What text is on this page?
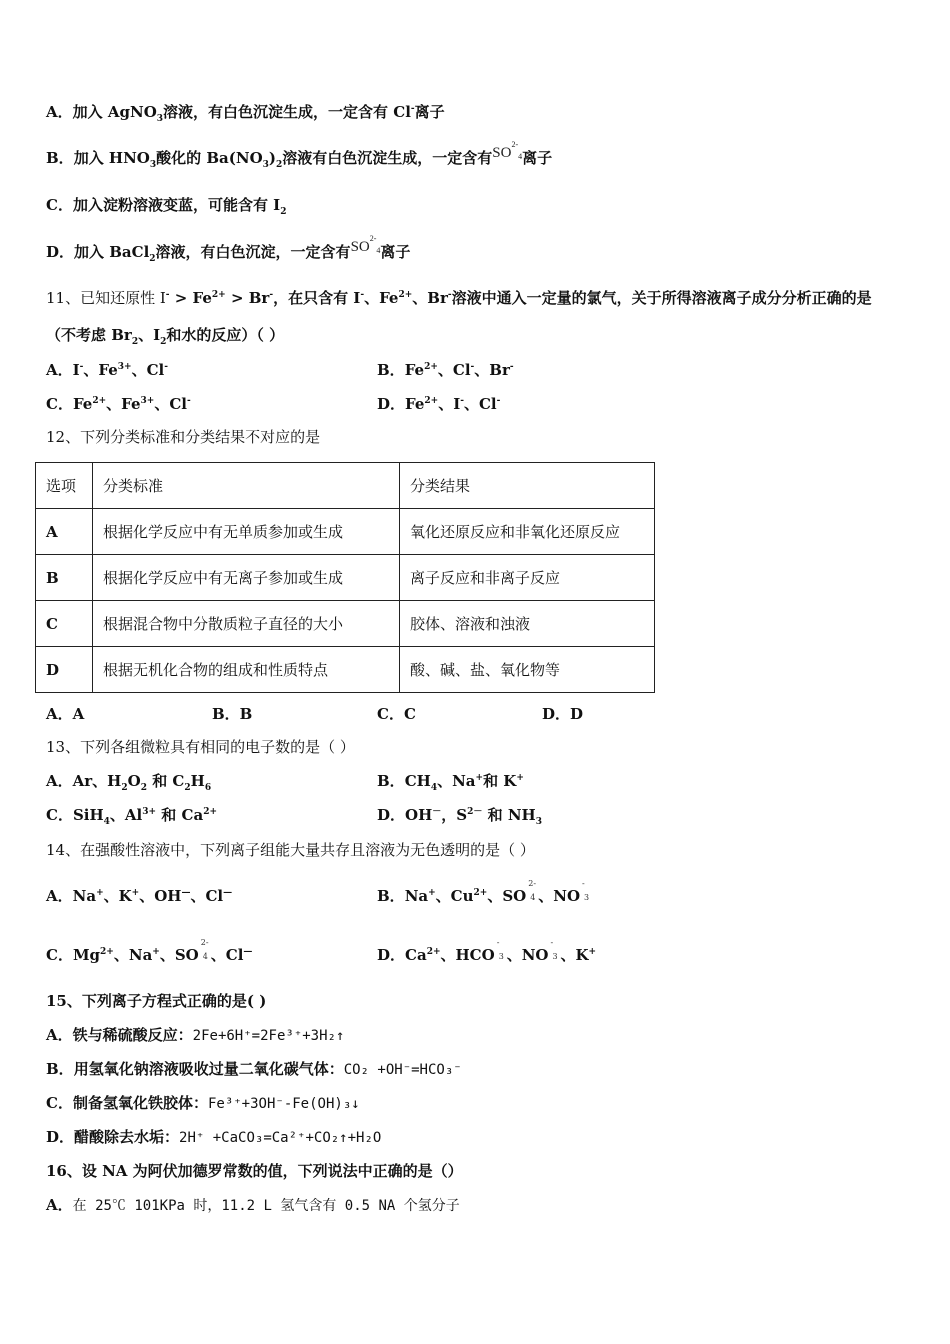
A．加入 AgNO$_3$溶液，有白色沉淀生成，一定含有 Cl-离子
B．加入 $HNO_3$酸化的 $Ba(NO_3)_2$溶液有白色沉淀生成，一定含有$SO^{2-}_4$离子
C．加入淀粉溶液变蓝，可能含有 $I_2$
D．加入 BaCl$_2$溶液，有白色沉淀，一定含有$SO^{2-}_4$离子
11、已知还原性 $I^- > Fe^{2+} > Br^-$，在只含有 I-、$Fe^{2+}$、Br-溶液中通入一定量的氯气，关于所得溶液离子成分分析正确的是
（不考虑 $Br_2$、$I_2$和水的反应）（ ）
A．I-、$Fe^{3+}$、Cl-	B．$Fe^{2+}$、Cl-、Br-
C．$Fe^{2+}$、$Fe^{3+}$、Cl-	D．$Fe^{2+}$、I-、Cl-
12、下列分类标准和分类结果不对应的是
选项	分类标准	分类结果
A	根据化学反应中有无单质参加或生成	氧化还原反应和非氧化还原反应
B	根据化学反应中有无离子参加或生成	离子反应和非离子反应
C	根据混合物中分散质粒子直径的大小	胶体、溶液和浊液
D	根据无机化合物的组成和性质特点	酸、碱、盐、氧化物等
A．A	B．B	C．C	D．D
13、下列各组微粒具有相同的电子数的是（ ）
A．Ar、$H_2O_2$ 和 $C_2H_6$	B．$CH_4$、Na+和 K+
C．SiH$_4$、$Al^{3+}$ 和 $Ca^{2+}$	D．OH－，$S^{2-}$ 和 $NH_3$
14、在强酸性溶液中，下列离子组能大量共存且溶液为无色透明的是（ ）
A．Na+、K+、OH—、Cl—	B．Na+、$Cu^{2+}$、SO
2-
4 、NO
-
3
C．$Mg^{2+}$、Na+、SO
2-
4 、Cl—	D．$Ca^{2+}$、HCO
-
3 、NO
-
3 、K+
15、下列离子方程式正确的是( )
A．铁与稀硫酸反应：2Fe+6H⁺=2Fe³⁺+3H₂↑
B．用氢氧化钠溶液吸收过量二氧化碳气体：CO₂ +OH⁻=HCO₃⁻
C．制备氢氧化铁胶体：Fe³⁺+3OH⁻-Fe(OH)₃↓
D．醋酸除去水垢：2H⁺ +CaCO₃=Ca²⁺+CO₂↑+H₂O
16、设 NA 为阿伏加德罗常数的值，下列说法中正确的是（）
A．在 25℃ 101KPa 时，11.2 L 氢气含有 0.5 NA 个氢分子
